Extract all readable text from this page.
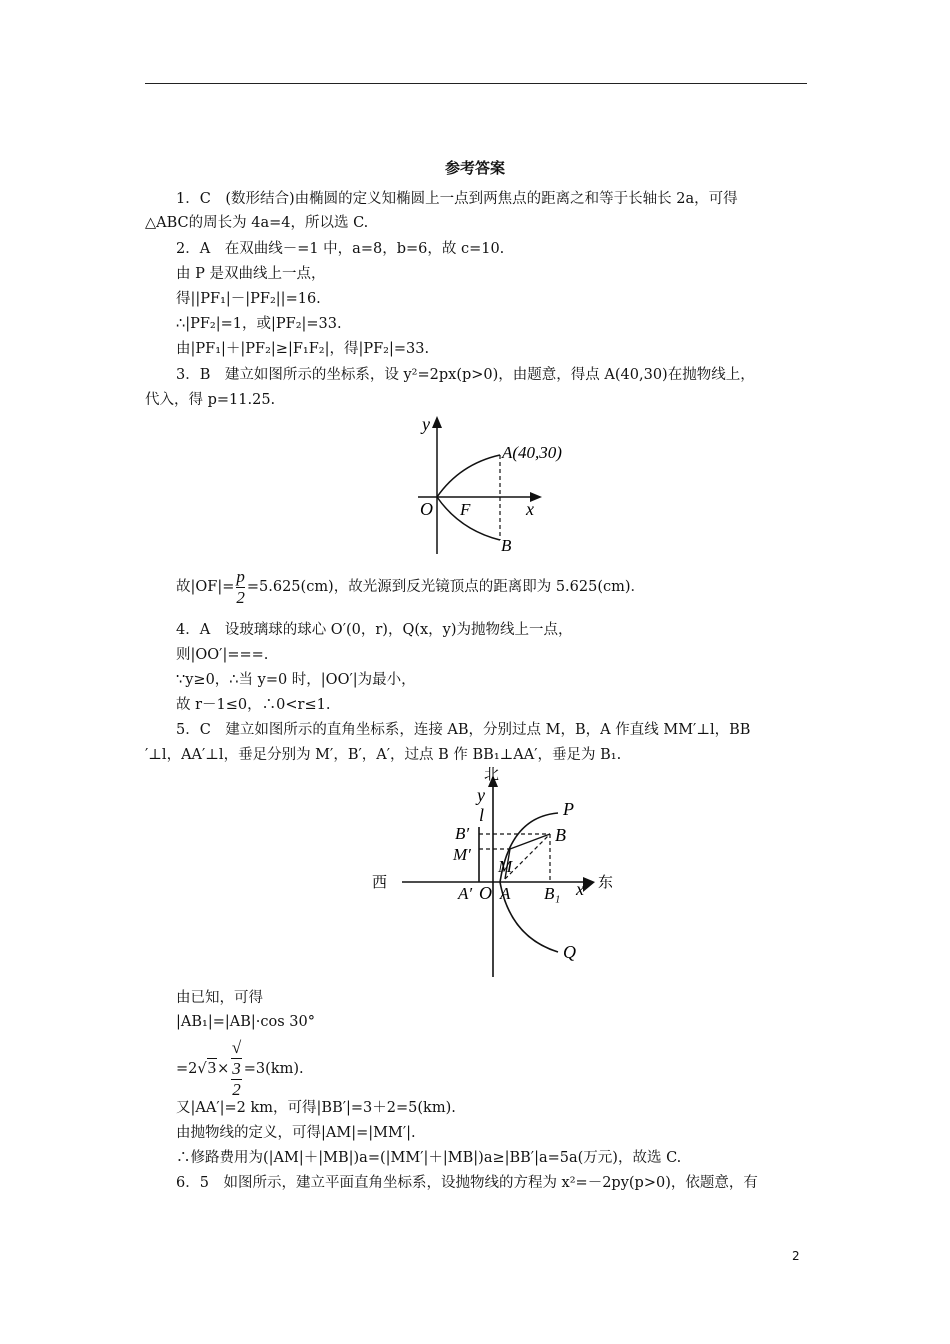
参考答案
1．C　(数形结合)由椭圆的定义知椭圆上一点到两焦点的距离之和等于长轴长 2a，可得
△ABC的周长为 4a=4，所以选 C.
2．A　在双曲线－=1 中，a=8，b=6，故 c=10.
由 P 是双曲线上一点，
得||PF₁|－|PF₂||=16.
∴|PF₂|=1，或|PF₂|=33.
由|PF₁|＋|PF₂|≥|F₁F₂|，得|PF₂|=33.
3．B　建立如图所示的坐标系，设 y²=2px(p>0)，由题意，得点 A(40,30)在抛物线上，
代入，得 p=11.25.
y
A(40,30)
O F	x
B
故$|OF|= \frac{p}{2} =5.625(cm)$，故光源到反光镜顶点的距离即为 5.625(cm)．
4．A　设玻璃球的球心 O′(0，r)，Q(x，y)为抛物线上一点，
则|OO′|===.
∵y≥0，∴当 y=0 时，|OO′|为最小，
故 r－1≤0，∴0<r≤1.
5．C　建立如图所示的直角坐标系，连接 AB，分别过点 M，B，A 作直线 MM′⊥l，BB
′⊥l，AA′⊥l，垂足分别为 M′，B′，A′，过点 B 作 BB₁⊥AA′，垂足为 B₁.
北
y
l	P
B′	B
M′
M
西
A′ O A B₁ x 东
Q
由已知，可得
|AB₁|=|AB|·cos 30°
=2√3× √
3
2 =3(km).
又|AA′|=2 km，可得|BB′|=3＋2=5(km).
由抛物线的定义，可得|AM|=|MM′|.
∴修路费用为(|AM|＋|MB|)a=(|MM′|＋|MB|)a≥|BB′|a=5a(万元)，故选 C.
6．5　如图所示，建立平面直角坐标系，设抛物线的方程为 x²=－2py(p>0)，依题意，有
2
